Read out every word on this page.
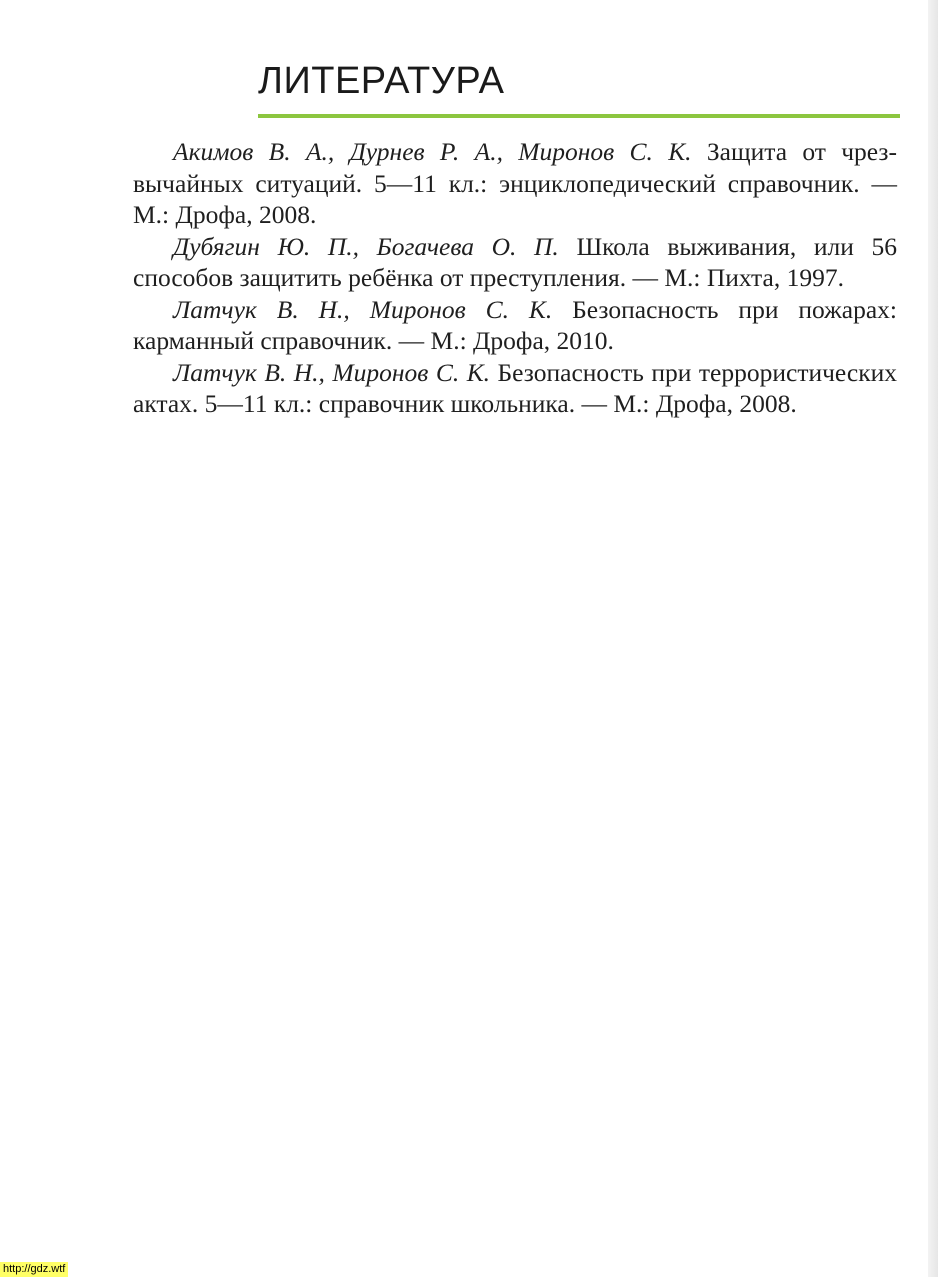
ЛИТЕРАТУРА
Акимов В. А., Дурнев Р. А., Миронов С. К. Защита от чрезвычайных ситуаций. 5—11 кл.: энциклопедический справочник. — М.: Дрофа, 2008.
Дубягин Ю. П., Богачева О. П. Школа выживания, или 56 способов защитить ребёнка от преступления. — М.: Пихта, 1997.
Латчук В. Н., Миронов С. К. Безопасность при пожарах: карманный справочник. — М.: Дрофа, 2010.
Латчук В. Н., Миронов С. К. Безопасность при террористических актах. 5—11 кл.: справочник школьника. — М.: Дрофа, 2008.
http://gdz.wtf
